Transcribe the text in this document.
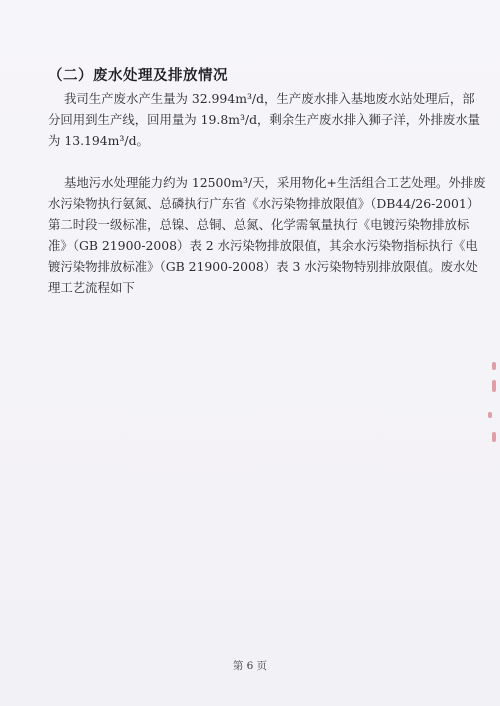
（二）废水处理及排放情况
我司生产废水产生量为 32.994m³/d，生产废水排入基地废水站处理后，部
分回用到生产线，回用量为 19.8m³/d，剩余生产废水排入狮子洋，外排废水量
为 13.194m³/d。
基地污水处理能力约为 12500m³/天，采用物化+生活组合工艺处理。外排废
水污染物执行氨氮、总磷执行广东省《水污染物排放限值》（DB44/26-2001）
第二时段一级标准，总镍、总铜、总氮、化学需氧量执行《电镀污染物排放标
准》（GB 21900-2008）表 2 水污染物排放限值，其余水污染物指标执行《电
镀污染物排放标准》（GB 21900-2008）表 3 水污染物特别排放限值。废水处
理工艺流程如下
第 6 页
